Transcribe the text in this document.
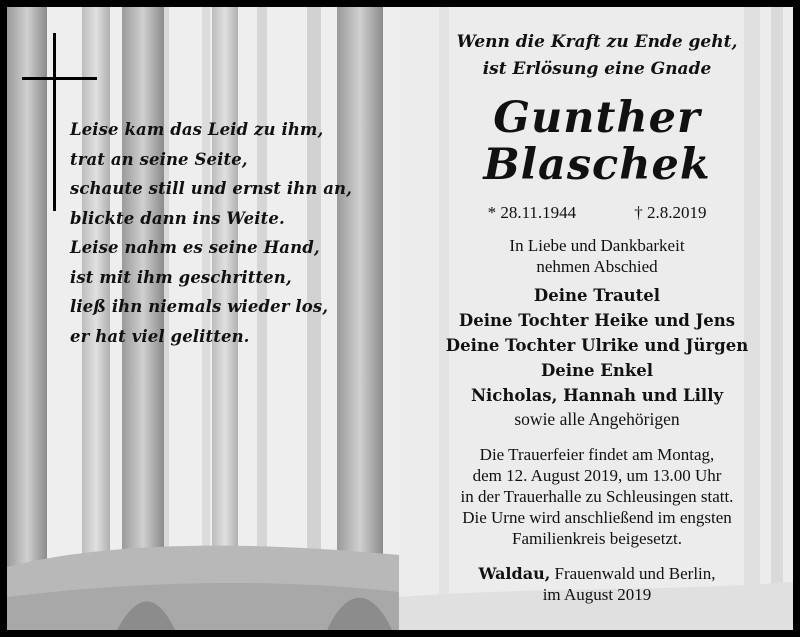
Leise kam das Leid zu ihm,
trat an seine Seite,
schaute still und ernst ihn an,
blickte dann ins Weite.
Leise nahm es seine Hand,
ist mit ihm geschritten,
ließ ihn niemals wieder los,
er hat viel gelitten.
Wenn die Kraft zu Ende geht,
ist Erlösung eine Gnade
Gunther
Blaschek
* 28.11.1944	† 2.8.2019
In Liebe und Dankbarkeit
nehmen Abschied
Deine Trautel
Deine Tochter Heike und Jens
Deine Tochter Ulrike und Jürgen
Deine Enkel
Nicholas, Hannah und Lilly
sowie alle Angehörigen
Die Trauerfeier findet am Montag,
dem 12. August 2019, um 13.00 Uhr
in der Trauerhalle zu Schleusingen statt.
Die Urne wird anschließend im engsten
Familienkreis beigesetzt.
Waldau, Frauenwald und Berlin,
im August 2019
